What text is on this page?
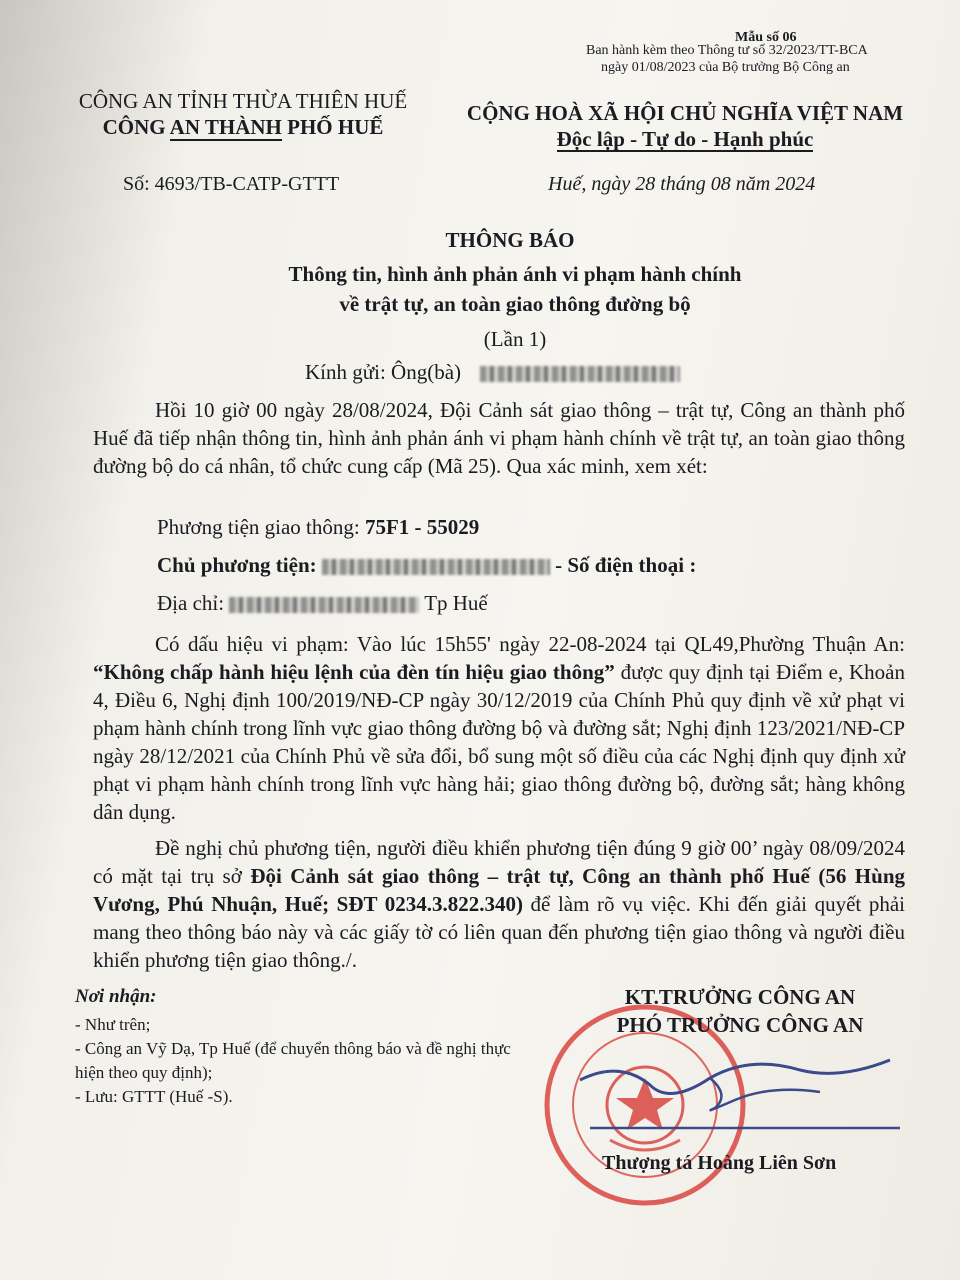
Mẫu số 06
Ban hành kèm theo Thông tư số 32/2023/TT-BCA
ngày 01/08/2023 của Bộ trưởng Bộ Công an
CÔNG AN TỈNH THỪA THIÊN HUẾ
CÔNG AN THÀNH PHỐ HUẾ
CỘNG HOÀ XÃ HỘI CHỦ NGHĨA VIỆT NAM
Độc lập - Tự do - Hạnh phúc
Số: 4693/TB-CATP-GTTT	Huế, ngày 28 tháng 08 năm 2024
THÔNG BÁO
Thông tin, hình ảnh phản ánh vi phạm hành chính
về trật tự, an toàn giao thông đường bộ
(Lần 1)
Kính gửi: Ông(bà)
Hồi 10 giờ 00 ngày 28/08/2024, Đội Cảnh sát giao thông – trật tự, Công an thành phố Huế đã tiếp nhận thông tin, hình ảnh phản ánh vi phạm hành chính về trật tự, an toàn giao thông đường bộ do cá nhân, tổ chức cung cấp (Mã 25). Qua xác minh, xem xét:
Phương tiện giao thông: 75F1 - 55029
Chủ phương tiện:	- Số điện thoại :
Địa chỉ:	Tp Huế
Có dấu hiệu vi phạm: Vào lúc 15h55' ngày 22-08-2024 tại QL49,Phường Thuận An: “Không chấp hành hiệu lệnh của đèn tín hiệu giao thông” được quy định tại Điểm e, Khoản 4, Điều 6, Nghị định 100/2019/NĐ-CP ngày 30/12/2019 của Chính Phủ quy định về xử phạt vi phạm hành chính trong lĩnh vực giao thông đường bộ và đường sắt; Nghị định 123/2021/NĐ-CP ngày 28/12/2021 của Chính Phủ về sửa đổi, bổ sung một số điều của các Nghị định quy định xử phạt vi phạm hành chính trong lĩnh vực hàng hải; giao thông đường bộ, đường sắt; hàng không dân dụng.
Đề nghị chủ phương tiện, người điều khiển phương tiện đúng 9 giờ 00’ ngày 08/09/2024 có mặt tại trụ sở Đội Cảnh sát giao thông – trật tự, Công an thành phố Huế (56 Hùng Vương, Phú Nhuận, Huế; SĐT 0234.3.822.340) để làm rõ vụ việc. Khi đến giải quyết phải mang theo thông báo này và các giấy tờ có liên quan đến phương tiện giao thông và người điều khiển phương tiện giao thông./.
Nơi nhận:
- Như trên;
- Công an Vỹ Dạ, Tp Huế (để chuyển thông báo và đề nghị thực hiện theo quy định);
- Lưu: GTTT (Huế -S).
KT.TRƯỞNG CÔNG AN
PHÓ TRƯỞNG CÔNG AN
Thượng tá Hoàng Liên Sơn
